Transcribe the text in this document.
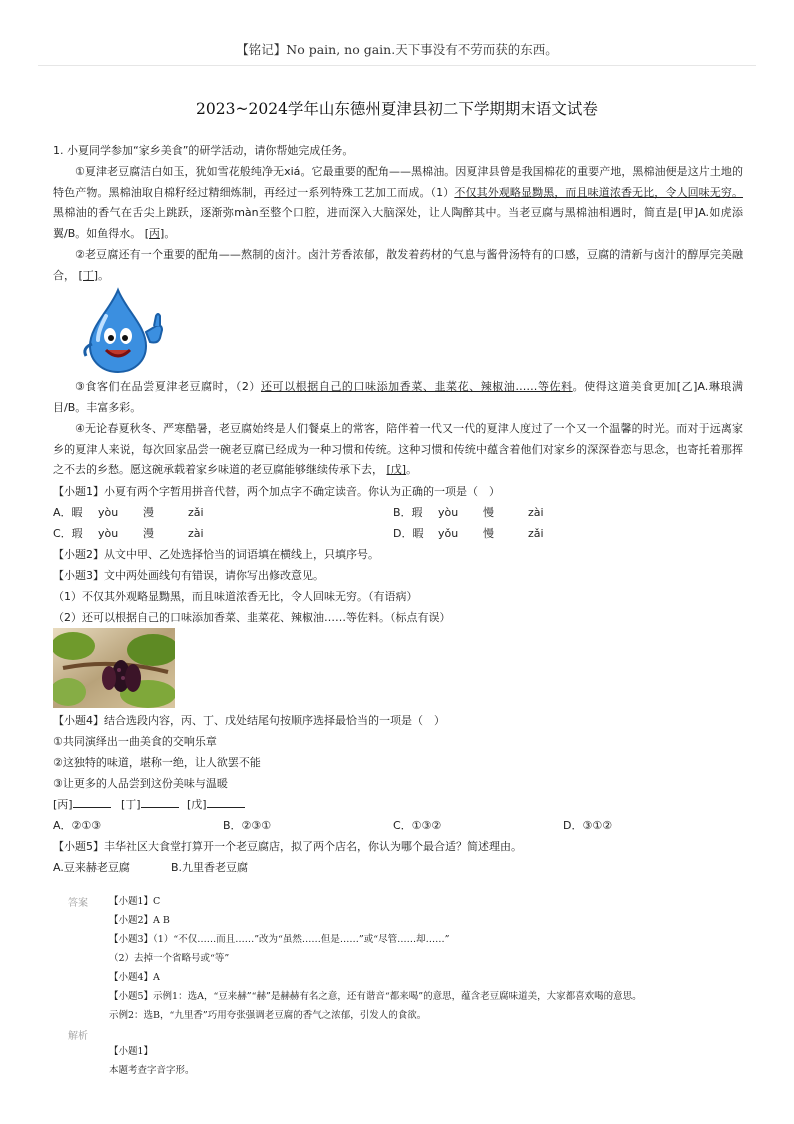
【铭记】No pain, no gain.天下事没有不劳而获的东西。
2023~2024学年山东德州夏津县初二下学期期末语文试卷
1. 小夏同学参加“家乡美食”的研学活动，请你帮她完成任务。
①夏津老豆腐洁白如玉，犹如雪花般纯净无xiá。它最重要的配角——黑棉油。因夏津县曾是我国棉花的重要产地，黑棉油便是这片土地的特色产物。黑棉油取自棉籽经过精细炼制，再经过一系列特殊工艺加工而成。（1）不仅其外观略显黝黑，而且味道浓香无比，令人回味无穷。黑棉油的香气在舌尖上跳跃，逐渐弥màn至整个口腔，进而深入大脑深处，让人陶醉其中。当老豆腐与黑棉油相遇时，简直是[甲]A.如虎添翼/B。如鱼得水。 [丙]。
②老豆腐还有一个重要的配角——熬制的卤汁。卤汁芳香浓郁，散发着药材的气息与酱骨汤特有的口感，豆腐的清新与卤汁的醇厚完美融合， [丁]。
③食客们在品尝夏津老豆腐时，（2）还可以根据自己的口味添加香菜、韭菜花、辣椒油……等佐料。使得这道美食更加[乙]A.琳琅满目/B。丰富多彩。
④无论春夏秋冬、严寒酷暑，老豆腐始终是人们餐桌上的常客，陪伴着一代又一代的夏津人度过了一个又一个温馨的时光。而对于远离家乡的夏津人来说，每次回家品尝一碗老豆腐已经成为一种习惯和传统。这种习惯和传统中蕴含着他们对家乡的深深眷恋与思念，也寄托着那挥之不去的乡愁。愿这碗承载着家乡味道的老豆腐能够继续传承下去， [戊]。
【小题1】小夏有两个字暂用拼音代替，两个加点字不确定读音。你认为正确的一项是（　）
A．暇 yòu 漫	zǎi	B．瑕 yòu 慢	zài
C．瑕 yòu 漫	zài	D．暇 yǒu 慢	zǎi
【小题2】从文中甲、乙处选择恰当的词语填在横线上，只填序号。
【小题3】文中两处画线句有错误，请你写出修改意见。
（1）不仅其外观略显黝黑，而且味道浓香无比，令人回味无穷。（有语病）
（2）还可以根据自己的口味添加香菜、韭菜花、辣椒油……等佐料。（标点有误）
【小题4】结合选段内容，丙、丁、戊处结尾句按顺序选择最恰当的一项是（　）
①共同演绎出一曲美食的交响乐章
②这独特的味道，堪称一绝，让人欲罢不能
③让更多的人品尝到这份美味与温暖
[丙]	[丁]	[戊]
A．②①③	B．②③①	C．①③②	D．③①②
【小题5】丰华社区大食堂打算开一个老豆腐店，拟了两个店名，你认为哪个最合适？简述理由。
A.豆来赫老豆腐	B.九里香老豆腐
答案 【小题1】C
【小题2】A B
【小题3】（1）“不仅……而且……”改为“虽然……但是……”或“尽管……却……”
（2）去掉一个省略号或“等”
【小题4】A
【小题5】示例1：选A，“豆来赫”“赫”是赫赫有名之意，还有谐音“都来喝”的意思，蕴含老豆腐味道美，大家都喜欢喝的意思。
示例2：选B，“九里香”巧用夸张强调老豆腐的香气之浓郁，引发人的食欲。
解析
【小题1】
本题考查字音字形。
